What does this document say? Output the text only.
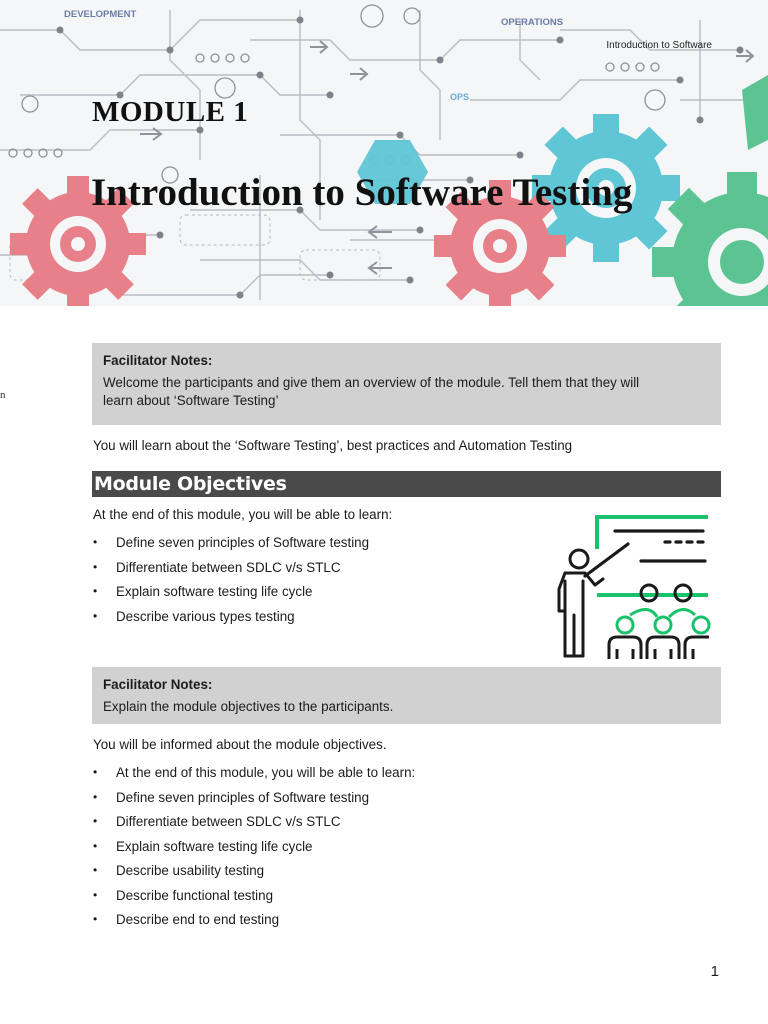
DEVELOPMENT
OPERATIONS
OPS
Introduction to Software
MODULE 1
Introduction to Software Testing
n
Facilitator Notes:
Welcome the participants and give them an overview of the module. Tell them that they will
learn about ‘Software Testing’
You will learn about the ‘Software Testing’, best practices and Automation Testing
Module Objectives
At the end of this module, you will be able to learn:
• Define seven principles of Software testing
• Differentiate between SDLC v/s STLC
• Explain software testing life cycle
• Describe various types testing
Facilitator Notes:
Explain the module objectives to the participants.
You will be informed about the module objectives.
• At the end of this module, you will be able to learn:
• Define seven principles of Software testing
• Differentiate between SDLC v/s STLC
• Explain software testing life cycle
• Describe usability testing
• Describe functional testing
• Describe end to end testing
1
